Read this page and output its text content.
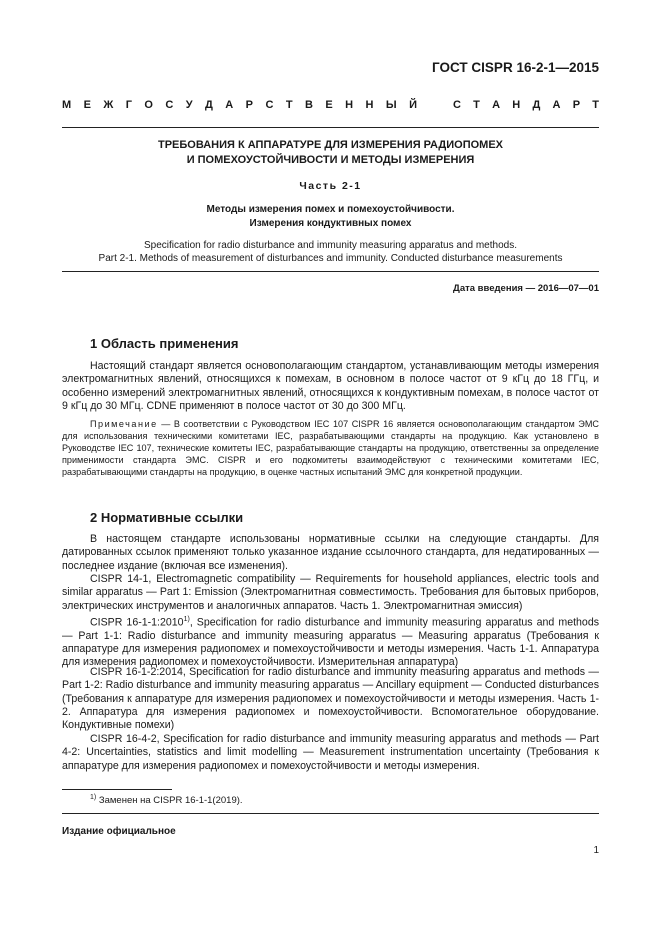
ГОСТ CISPR 16-2-1—2015
М Е Ж Г О С У Д А Р С Т В Е Н Н Ы Й	С Т А Н Д А Р Т
ТРЕБОВАНИЯ К АППАРАТУРЕ ДЛЯ ИЗМЕРЕНИЯ РАДИОПОМЕХ
И ПОМЕХОУСТОЙЧИВОСТИ И МЕТОДЫ ИЗМЕРЕНИЯ
Часть 2-1
Методы измерения помех и помехоустойчивости.
Измерения кондуктивных помех
Specification for radio disturbance and immunity measuring apparatus and methods.
Part 2-1. Methods of measurement of disturbances and immunity. Conducted disturbance measurements
Дата введения — 2016—07—01
1 Область применения

Настоящий стандарт является основополагающим стандартом, устанавливающим методы измерения электромагнитных явлений, относящихся к помехам, в основном в полосе частот от 9 кГц до 18 ГГц, и особенно измерений электромагнитных явлений, относящихся к кондуктивным помехам, в полосе частот от 9 кГц до 30 МГц. CDNE применяют в полосе частот от 30 до 300 МГц.

Примечание — В соответствии с Руководством IEC 107 CISPR 16 является основополагающим стандартом ЭМС для использования техническими комитетами IEC, разрабатывающими стандарты на продукцию. Как установлено в Руководстве IEC 107, технические комитеты IEC, разрабатывающие стандарты на продукцию, ответственны за определение применимости стандарта ЭМС. CISPR и его подкомитеты взаимодействуют с техническими комитетами IEC, разрабатывающими стандарты на продукцию, в оценке частных испытаний ЭМС для конкретной продукции.

2 Нормативные ссылки

В настоящем стандарте использованы нормативные ссылки на следующие стандарты. Для датированных ссылок применяют только указанное издание ссылочного стандарта, для недатированных — последнее издание (включая все изменения).

CISPR 14-1, Electromagnetic compatibility — Requirements for household appliances, electric tools and similar apparatus — Part 1: Emission (Электромагнитная совместимость. Требования для бытовых приборов, электрических инструментов и аналогичных аппаратов. Часть 1. Электромагнитная эмиссия)

CISPR 16-1-1:2010$^{1)}$, Specification for radio disturbance and immunity measuring apparatus and methods — Part 1-1: Radio disturbance and immunity measuring apparatus — Measuring apparatus (Требования к аппаратуре для измерения радиопомех и помехоустойчивости и методы измерения. Часть 1-1. Аппаратура для измерения радиопомех и помехоустойчивости. Измерительная аппаратура)

CISPR 16-1-2:2014, Specification for radio disturbance and immunity measuring apparatus and methods — Part 1-2: Radio disturbance and immunity measuring apparatus — Ancillary equipment — Conducted disturbances (Требования к аппаратуре для измерения радиопомех и помехоустойчивости и методы измерения. Часть 1-2. Аппаратура для измерения радиопомех и помехоустойчивости. Вспомогательное оборудование. Кондуктивные помехи)

CISPR 16-4-2, Specification for radio disturbance and immunity measuring apparatus and methods — Part 4-2: Uncertainties, statistics and limit modelling — Measurement instrumentation uncertainty (Требования к аппаратуре для измерения радиопомех и помехоустойчивости и методы измерения.

$^{1)}$ Заменен на CISPR 16-1-1(2019).
Издание официальное
1
